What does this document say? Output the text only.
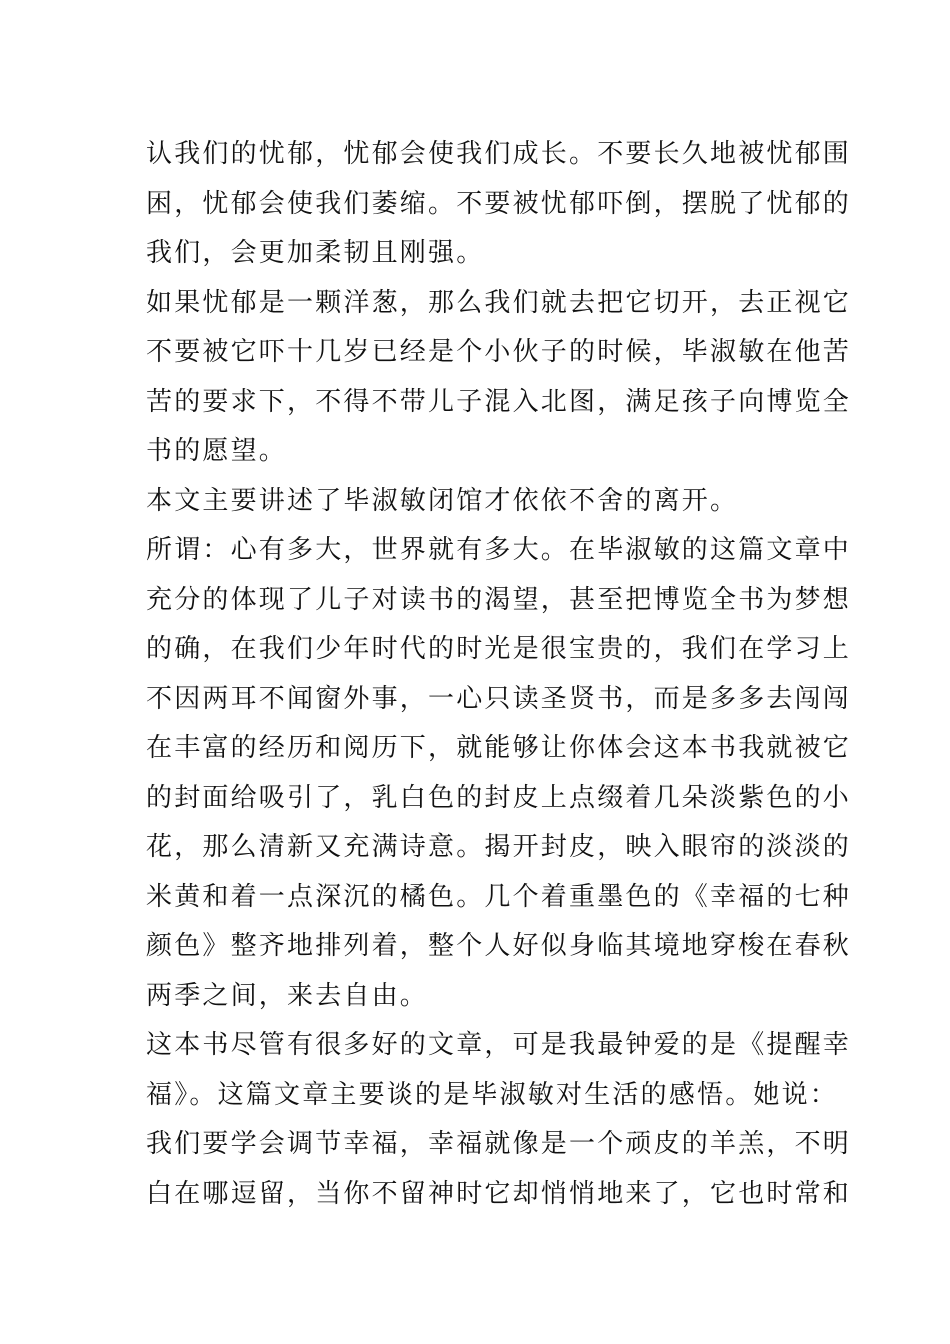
认我们的忧郁，忧郁会使我们成长。不要长久地被忧郁围
困，忧郁会使我们萎缩。不要被忧郁吓倒，摆脱了忧郁的
我们，会更加柔韧且刚强。
如果忧郁是一颗洋葱，那么我们就去把它切开，去正视它
不要被它吓十几岁已经是个小伙子的时候，毕淑敏在他苦
苦的要求下，不得不带儿子混入北图，满足孩子向博览全
书的愿望。
本文主要讲述了毕淑敏闭馆才依依不舍的离开。
所谓：心有多大，世界就有多大。在毕淑敏的这篇文章中
充分的体现了儿子对读书的渴望，甚至把博览全书为梦想
的确，在我们少年时代的时光是很宝贵的，我们在学习上
不因两耳不闻窗外事，一心只读圣贤书，而是多多去闯闯
在丰富的经历和阅历下，就能够让你体会这本书我就被它
的封面给吸引了，乳白色的封皮上点缀着几朵淡紫色的小
花，那么清新又充满诗意。揭开封皮，映入眼帘的淡淡的
米黄和着一点深沉的橘色。几个着重墨色的《幸福的七种
颜色》整齐地排列着，整个人好似身临其境地穿梭在春秋
两季之间，来去自由。
这本书尽管有很多好的文章，可是我最钟爱的是《提醒幸
福》。这篇文章主要谈的是毕淑敏对生活的感悟。她说：
我们要学会调节幸福，幸福就像是一个顽皮的羊羔，不明
白在哪逗留，当你不留神时它却悄悄地来了，它也时常和
